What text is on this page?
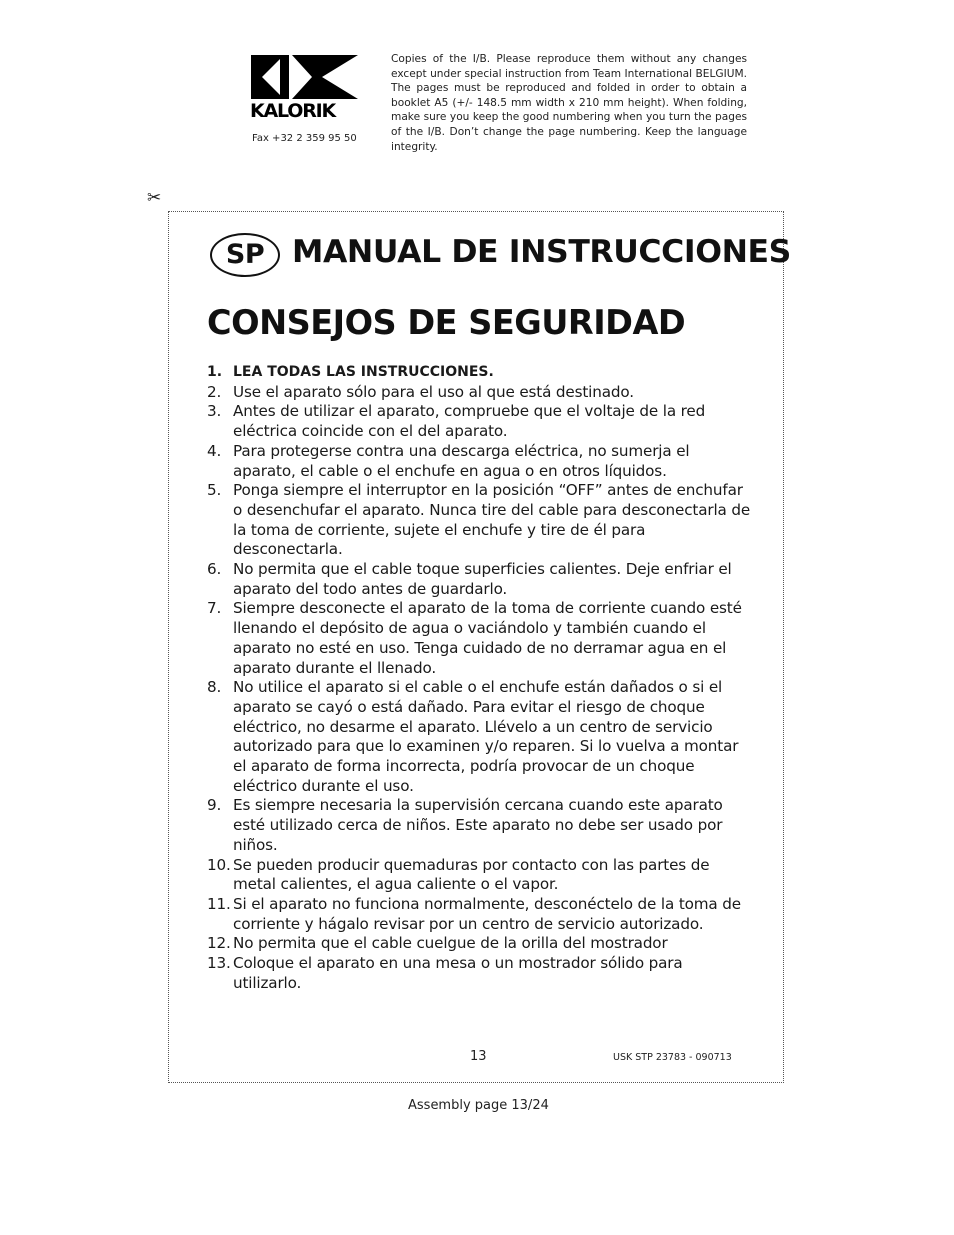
KALORIK
Fax +32 2 359 95 50
Copies of the I/B. Please reproduce them without any changes except under special instruction from Team International BELGIUM. The pages must be reproduced and folded in order to obtain a booklet A5 (+/- 148.5 mm width x 210 mm height). When folding, make sure you keep the good numbering when you turn the pages of the I/B. Don’t change the page numbering. Keep the language integrity.
✂
SP MANUAL DE INSTRUCCIONES
CONSEJOS DE SEGURIDAD
1. LEA TODAS LAS INSTRUCCIONES.
2. Use el aparato sólo para el uso al que está destinado.
3. Antes de utilizar el aparato, compruebe que el voltaje de la red eléctrica coincide con el del aparato.
4. Para protegerse contra una descarga eléctrica, no sumerja el aparato, el cable o el enchufe en agua o en otros líquidos.
5. Ponga siempre el interruptor en la posición “OFF” antes de enchufar o desenchufar el aparato. Nunca tire del cable para desconectarla de la toma de corriente, sujete el enchufe y tire de él para desconectarla.
6. No permita que el cable toque superficies calientes. Deje enfriar el aparato del todo antes de guardarlo.
7. Siempre desconecte el aparato de la toma de corriente cuando esté llenando el depósito de agua o vaciándolo y también cuando el aparato no esté en uso. Tenga cuidado de no derramar agua en el aparato durante el llenado.
8. No utilice el aparato si el cable o el enchufe están dañados o si el aparato se cayó o está dañado. Para evitar el riesgo de choque eléctrico, no desarme el aparato. Llévelo a un centro de servicio autorizado para que lo examinen y/o reparen. Si lo vuelva a montar el aparato de forma incorrecta, podría provocar de un choque eléctrico durante el uso.
9. Es siempre necesaria la supervisión cercana cuando este aparato esté utilizado cerca de niños. Este aparato no debe ser usado por niños.
10. Se pueden producir quemaduras por contacto con las partes de metal calientes, el agua caliente o el vapor.
11. Si el aparato no funciona normalmente, desconéctelo de la toma de corriente y hágalo revisar por un centro de servicio autorizado.
12. No permita que el cable cuelgue de la orilla del mostrador
13. Coloque el aparato en una mesa o un mostrador sólido para utilizarlo.
13	USK STP 23783 - 090713
Assembly page 13/24
